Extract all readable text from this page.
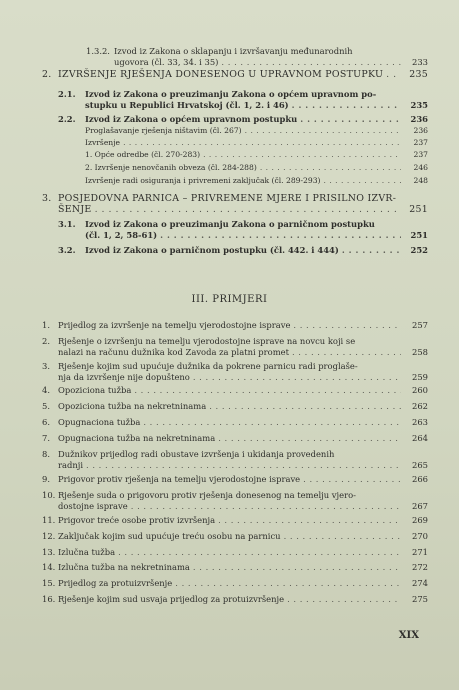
1.3.2. Izvod iz Zakona o sklapanju i izvršavanju međunarodnih
ugovora (čl. 33, 34. i 35) . . .	233
2. IZVRŠENJE RJEŠENJA DONESENOG U UPRAVNOM POSTUPKU . . .	235
2.1. Izvod iz Zakona o preuzimanju Zakona o općem upravnom po-
stupku u Republici Hrvatskoj (čl. 1, 2. i 46) . . .	235
2.2. Izvod iz Zakona o općem upravnom postupku . . .	236
Proglašavanje rješenja ništavim (čl. 267) . . .	236
Izvršenje . . .	237
1. Opće odredbe (čl. 270-283) . . .	237
2. Izvršenje nenovčanih obveza (čl. 284-288) . . .	246
Izvršenje radi osiguranja i privremeni zaključak (čl. 289-293) . . .	248
3. POSJEDOVNA PARNICA – PRIVREMENE MJERE I PRISILNO IZVR-
ŠENJE . . .	251
3.1. Izvod iz Zakona o preuzimanju Zakona o parničnom postupku
(čl. 1, 2, 58-61) . . .	251
3.2. Izvod iz Zakona o parničnom postupku (čl. 442. i 444) . . .	252
1. Prijedlog za izvršenje na temelju vjerodostojne isprave . . .	257
2. Rješenje o izvršenju na temelju vjerodostojne isprave na novcu koji se
nalazi na računu dužnika kod Zavoda za platni promet . . .	258
3. Rješenje kojim sud upućuje dužnika da pokrene parnicu radi proglaše-
nja da izvršenje nije dopušteno . . .	259
4. Opoziciona tužba . . .	260
5. Opoziciona tužba na nekretninama . . .	262
6. Opugnaciona tužba . . .	263
7. Opugnaciona tužba na nekretninama . . .	264
8. Dužnikov prijedlog radi obustave izvršenja i ukidanja provedenih
radnji . . .	265
9. Prigovor protiv rješenja na temelju vjerodostojne isprave . . .	266
10. Rješenje suda o prigovoru protiv rješenja donesenog na temelju vjero-
dostojne isprave . . .	267
11. Prigovor treće osobe protiv izvršenja . . .	269
12. Zaključak kojim sud upućuje treću osobu na parnicu . . .	270
13. Izlučna tužba . . .	271
14. Izlučna tužba na nekretninama . . .	272
15. Prijedlog za protuizvršenje . . .	274
16. Rješenje kojim sud usvaja prijedlog za protuizvršenje . . .	275
III. PRIMJERI
XIX
